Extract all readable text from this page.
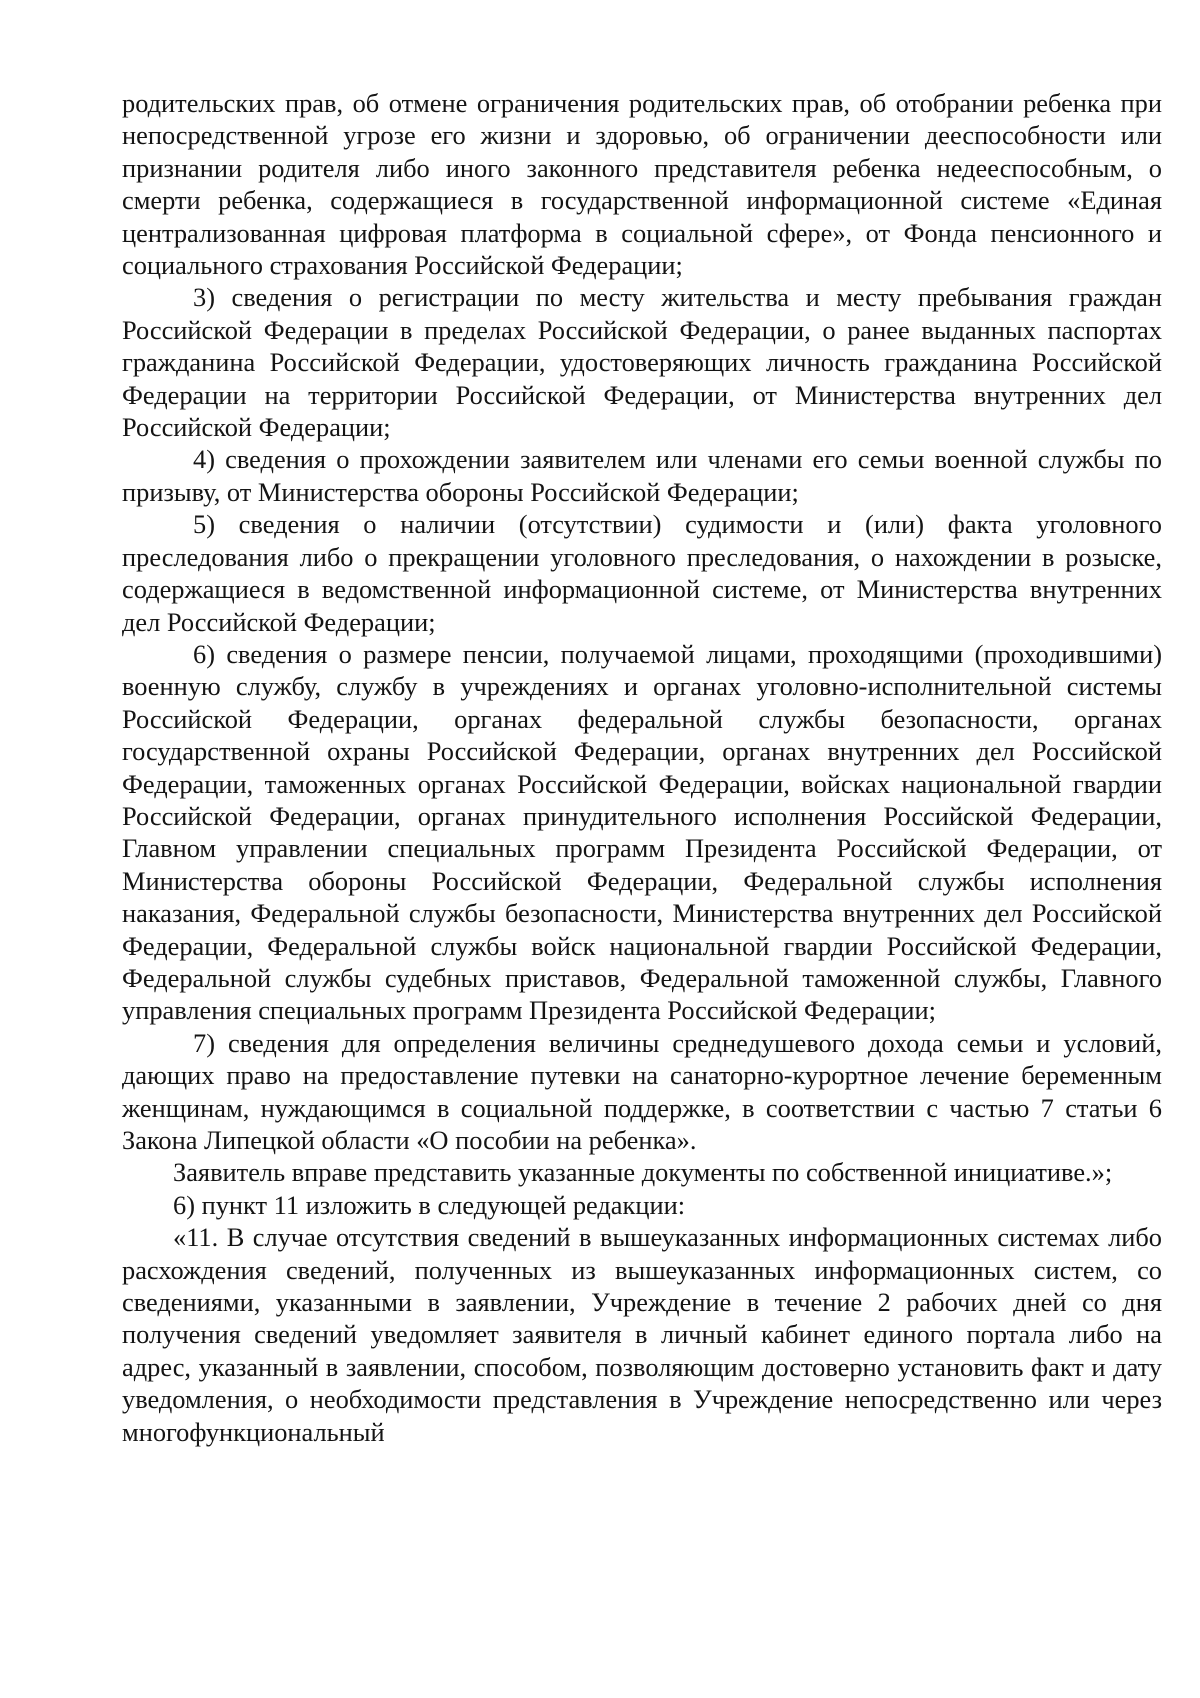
родительских прав, об отмене ограничения родительских прав, об отобрании ребенка при непосредственной угрозе его жизни и здоровью, об ограничении дееспособности или признании родителя либо иного законного представителя ребенка недееспособным, о смерти ребенка, содержащиеся в государственной информационной системе «Единая централизованная цифровая платформа в социальной сфере», от Фонда пенсионного и социального страхования Российской Федерации;

3) сведения о регистрации по месту жительства и месту пребывания граждан Российской Федерации в пределах Российской Федерации, о ранее выданных паспортах гражданина Российской Федерации, удостоверяющих личность гражданина Российской Федерации на территории Российской Федерации, от Министерства внутренних дел Российской Федерации;

4) сведения о прохождении заявителем или членами его семьи военной службы по призыву, от Министерства обороны Российской Федерации;

5) сведения о наличии (отсутствии) судимости и (или) факта уголовного преследования либо о прекращении уголовного преследования, о нахождении в розыске, содержащиеся в ведомственной информационной системе, от Министерства внутренних дел Российской Федерации;

6) сведения о размере пенсии, получаемой лицами, проходящими (проходившими) военную службу, службу в учреждениях и органах уголовно-исполнительной системы Российской Федерации, органах федеральной службы безопасности, органах государственной охраны Российской Федерации, органах внутренних дел Российской Федерации, таможенных органах Российской Федерации, войсках национальной гвардии Российской Федерации, органах принудительного исполнения Российской Федерации, Главном управлении специальных программ Президента Российской Федерации, от Министерства обороны Российской Федерации, Федеральной службы исполнения наказания, Федеральной службы безопасности, Министерства внутренних дел Российской Федерации, Федеральной службы войск национальной гвардии Российской Федерации, Федеральной службы судебных приставов, Федеральной таможенной службы, Главного управления специальных программ Президента Российской Федерации;

7) сведения для определения величины среднедушевого дохода семьи и условий, дающих право на предоставление путевки на санаторно-курортное лечение беременным женщинам, нуждающимся в социальной поддержке, в соответствии с частью 7 статьи 6 Закона Липецкой области «О пособии на ребенка».

Заявитель вправе представить указанные документы по собственной инициативе.»;

6) пункт 11 изложить в следующей редакции:

«11. В случае отсутствия сведений в вышеуказанных информационных системах либо расхождения сведений, полученных из вышеуказанных информационных систем, со сведениями, указанными в заявлении, Учреждение в течение 2 рабочих дней со дня получения сведений уведомляет заявителя в личный кабинет единого портала либо на адрес, указанный в заявлении, способом, позволяющим достоверно установить факт и дату уведомления, о необходимости представления в Учреждение непосредственно или через многофункциональный
